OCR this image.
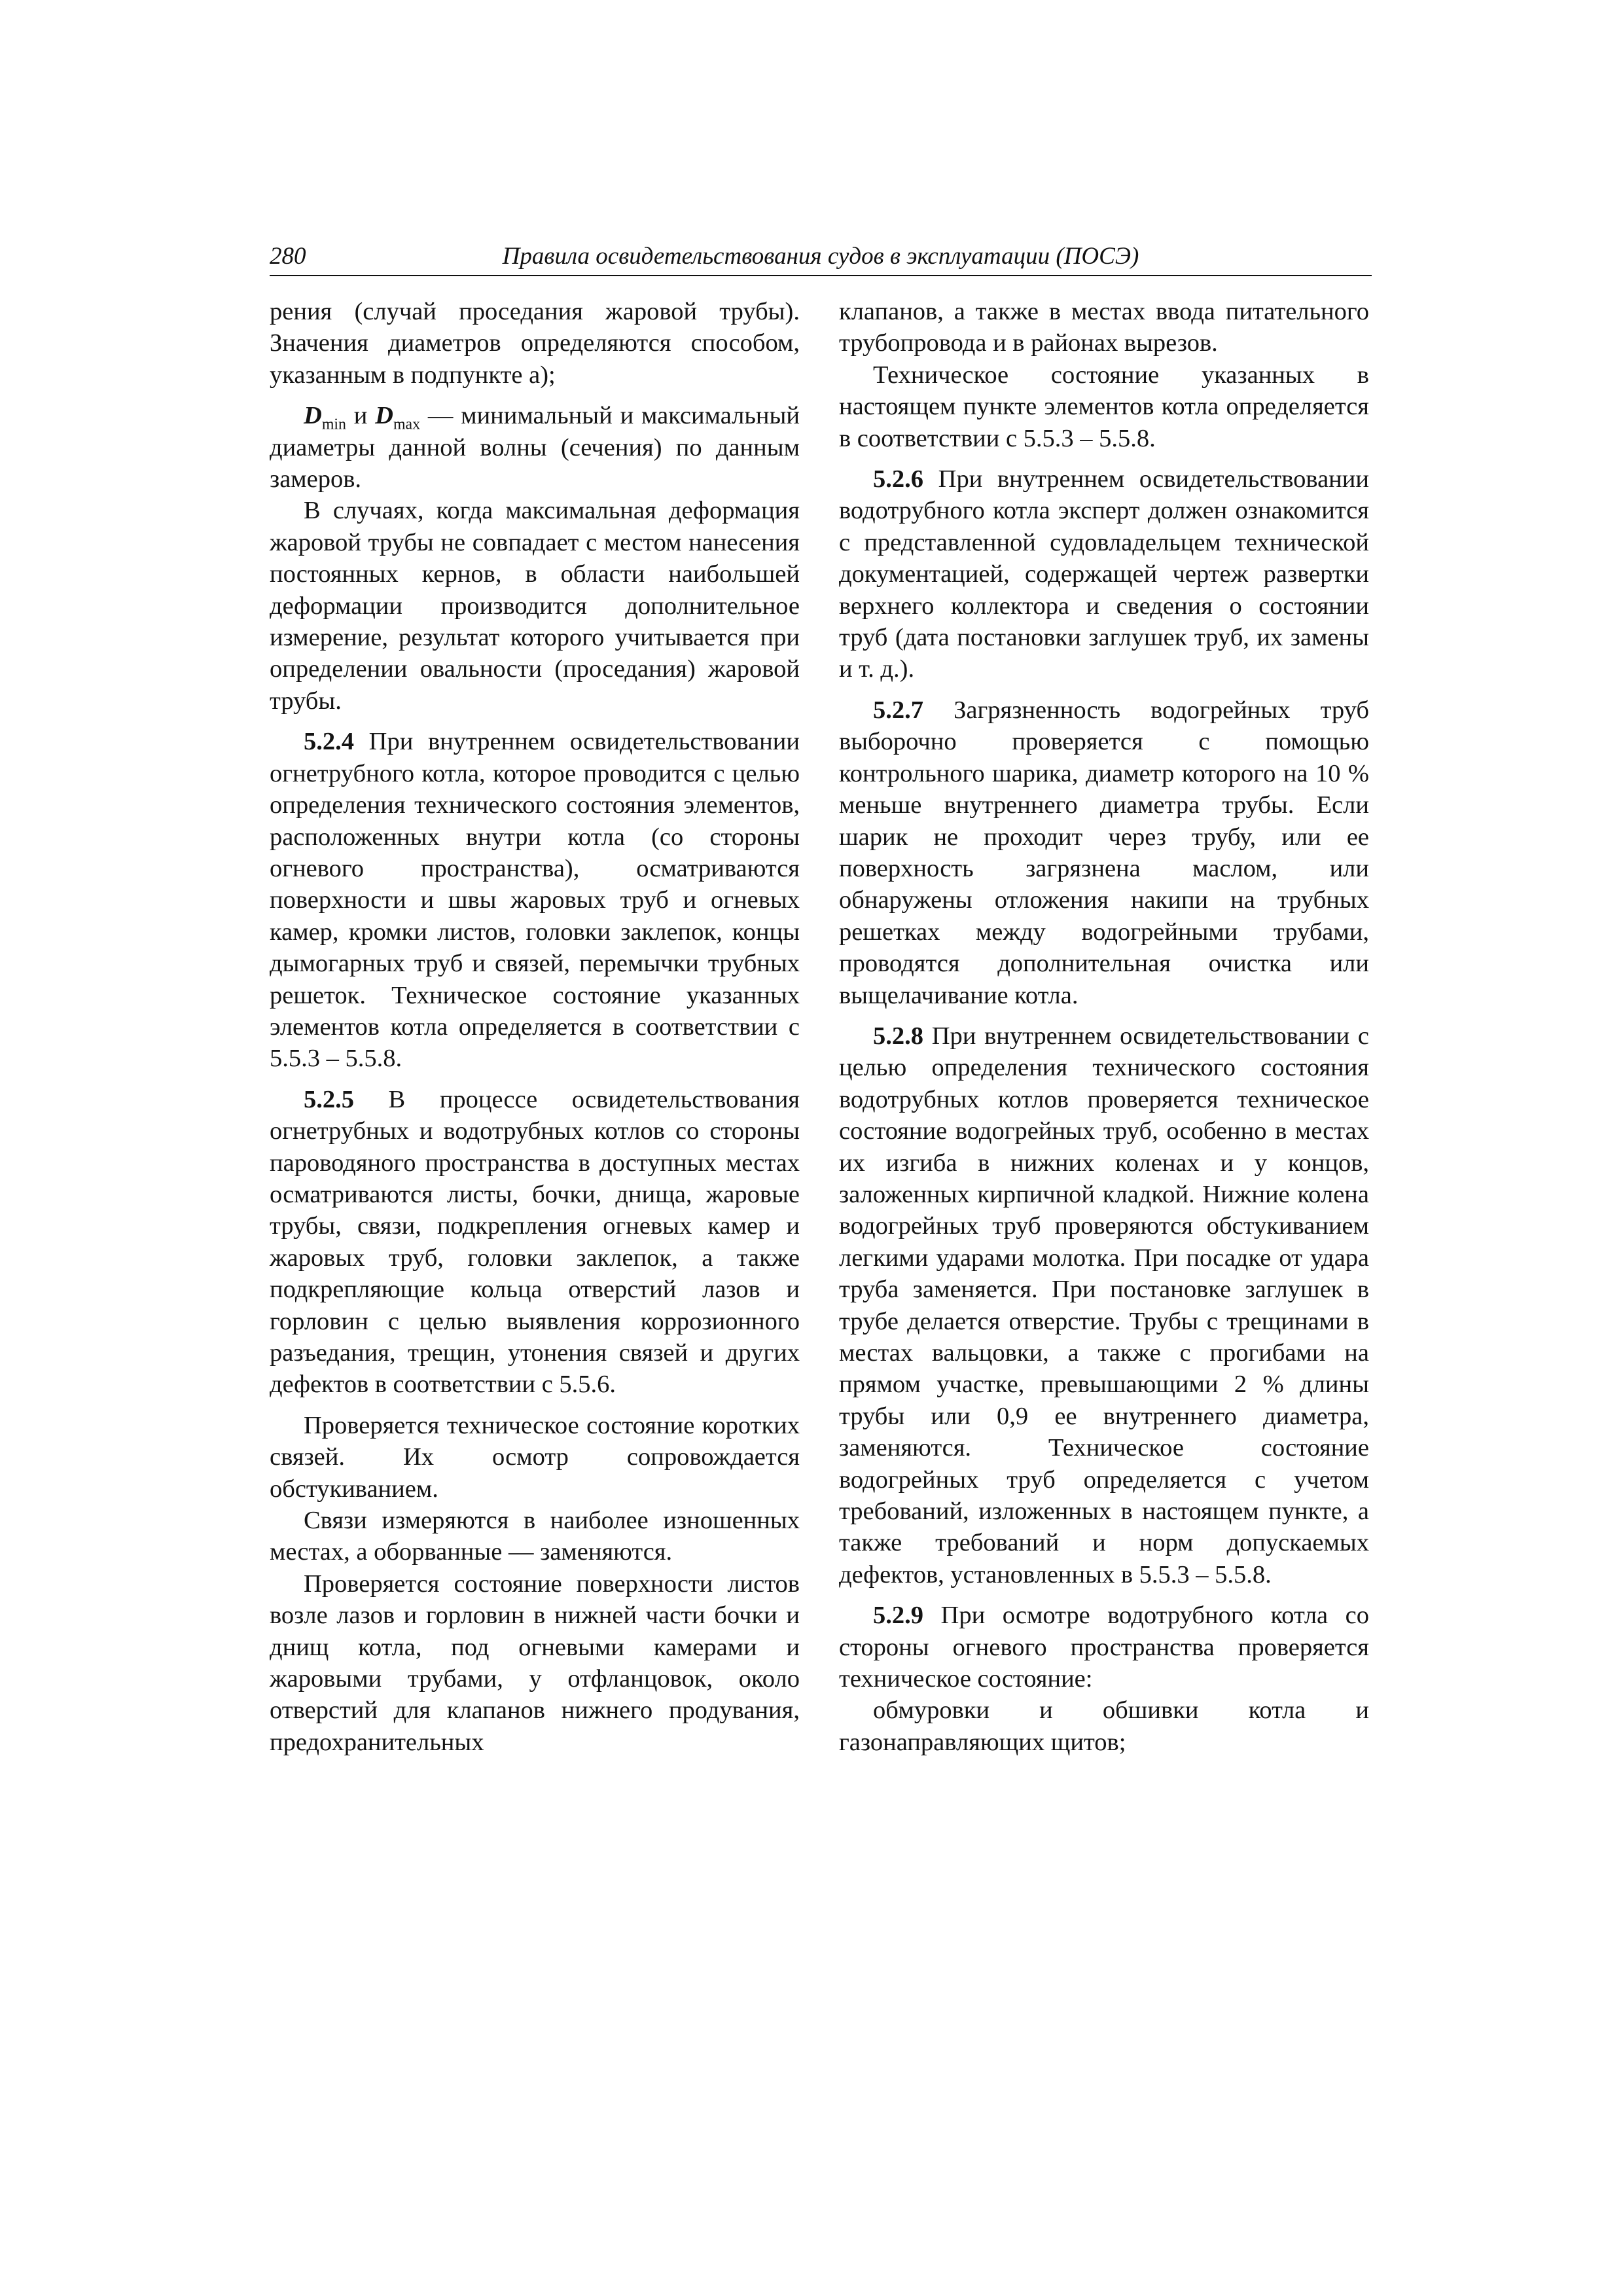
280	Правила освидетельствования судов в эксплуатации (ПОСЭ)

рения (случай проседания жаровой трубы). Значения диаметров определяются способом, указанным в подпункте а);

$D_{min}$ и $D_{max}$ — минимальный и максимальный диаметры данной волны (сечения) по данным замеров.

В случаях, когда максимальная деформация жаровой трубы не совпадает с местом нанесения постоянных кернов, в области наибольшей деформации производится дополнительное измерение, результат которого учитывается при определении овальности (проседания) жаровой трубы.

5.2.4 При внутреннем освидетельствовании огнетрубного котла, которое проводится с целью определения технического состояния элементов, расположенных внутри котла (со стороны огневого пространства), осматриваются поверхности и швы жаровых труб и огневых камер, кромки листов, головки заклепок, концы дымогарных труб и связей, перемычки трубных решеток. Техническое состояние указанных элементов котла определяется в соответствии с 5.5.3 – 5.5.8.

5.2.5 В процессе освидетельствования огнетрубных и водотрубных котлов со стороны пароводяного пространства в доступных местах осматриваются листы, бочки, днища, жаровые трубы, связи, подкрепления огневых камер и жаровых труб, головки заклепок, а также подкрепляющие кольца отверстий лазов и горловин с целью выявления коррозионного разъедания, трещин, утонения связей и других дефектов в соответствии с 5.5.6.

Проверяется техническое состояние коротких связей. Их осмотр сопровождается обстукиванием.

Связи измеряются в наиболее изношенных местах, а оборванные — заменяются.

Проверяется состояние поверхности листов возле лазов и горловин в нижней части бочки и днищ котла, под огневыми камерами и жаровыми трубами, у отфланцовок, около отверстий для клапанов нижнего продувания, предохранительных

клапанов, а также в местах ввода питательного трубопровода и в районах вырезов.

Техническое состояние указанных в настоящем пункте элементов котла определяется в соответствии с 5.5.3 – 5.5.8.

5.2.6 При внутреннем освидетельствовании водотрубного котла эксперт должен ознакомится с представленной судовладельцем технической документацией, содержащей чертеж развертки верхнего коллектора и сведения о состоянии труб (дата постановки заглушек труб, их замены и т. д.).

5.2.7 Загрязненность водогрейных труб выборочно проверяется с помощью контрольного шарика, диаметр которого на 10 % меньше внутреннего диаметра трубы. Если шарик не проходит через трубу, или ее поверхность загрязнена маслом, или обнаружены отложения накипи на трубных решетках между водогрейными трубами, проводятся дополнительная очистка или выщелачивание котла.

5.2.8 При внутреннем освидетельствовании с целью определения технического состояния водотрубных котлов проверяется техническое состояние водогрейных труб, особенно в местах их изгиба в нижних коленах и у концов, заложенных кирпичной кладкой. Нижние колена водогрейных труб проверяются обстукиванием легкими ударами молотка. При посадке от удара труба заменяется. При постановке заглушек в трубе делается отверстие. Трубы с трещинами в местах вальцовки, а также с прогибами на прямом участке, превышающими 2 % длины трубы или 0,9 ее внутреннего диаметра, заменяются. Техническое состояние водогрейных труб определяется с учетом требований, изложенных в настоящем пункте, а также требований и норм допускаемых дефектов, установленных в 5.5.3 – 5.5.8.

5.2.9 При осмотре водотрубного котла со стороны огневого пространства проверяется техническое состояние:

обмуровки и обшивки котла и газонаправляющих щитов;
